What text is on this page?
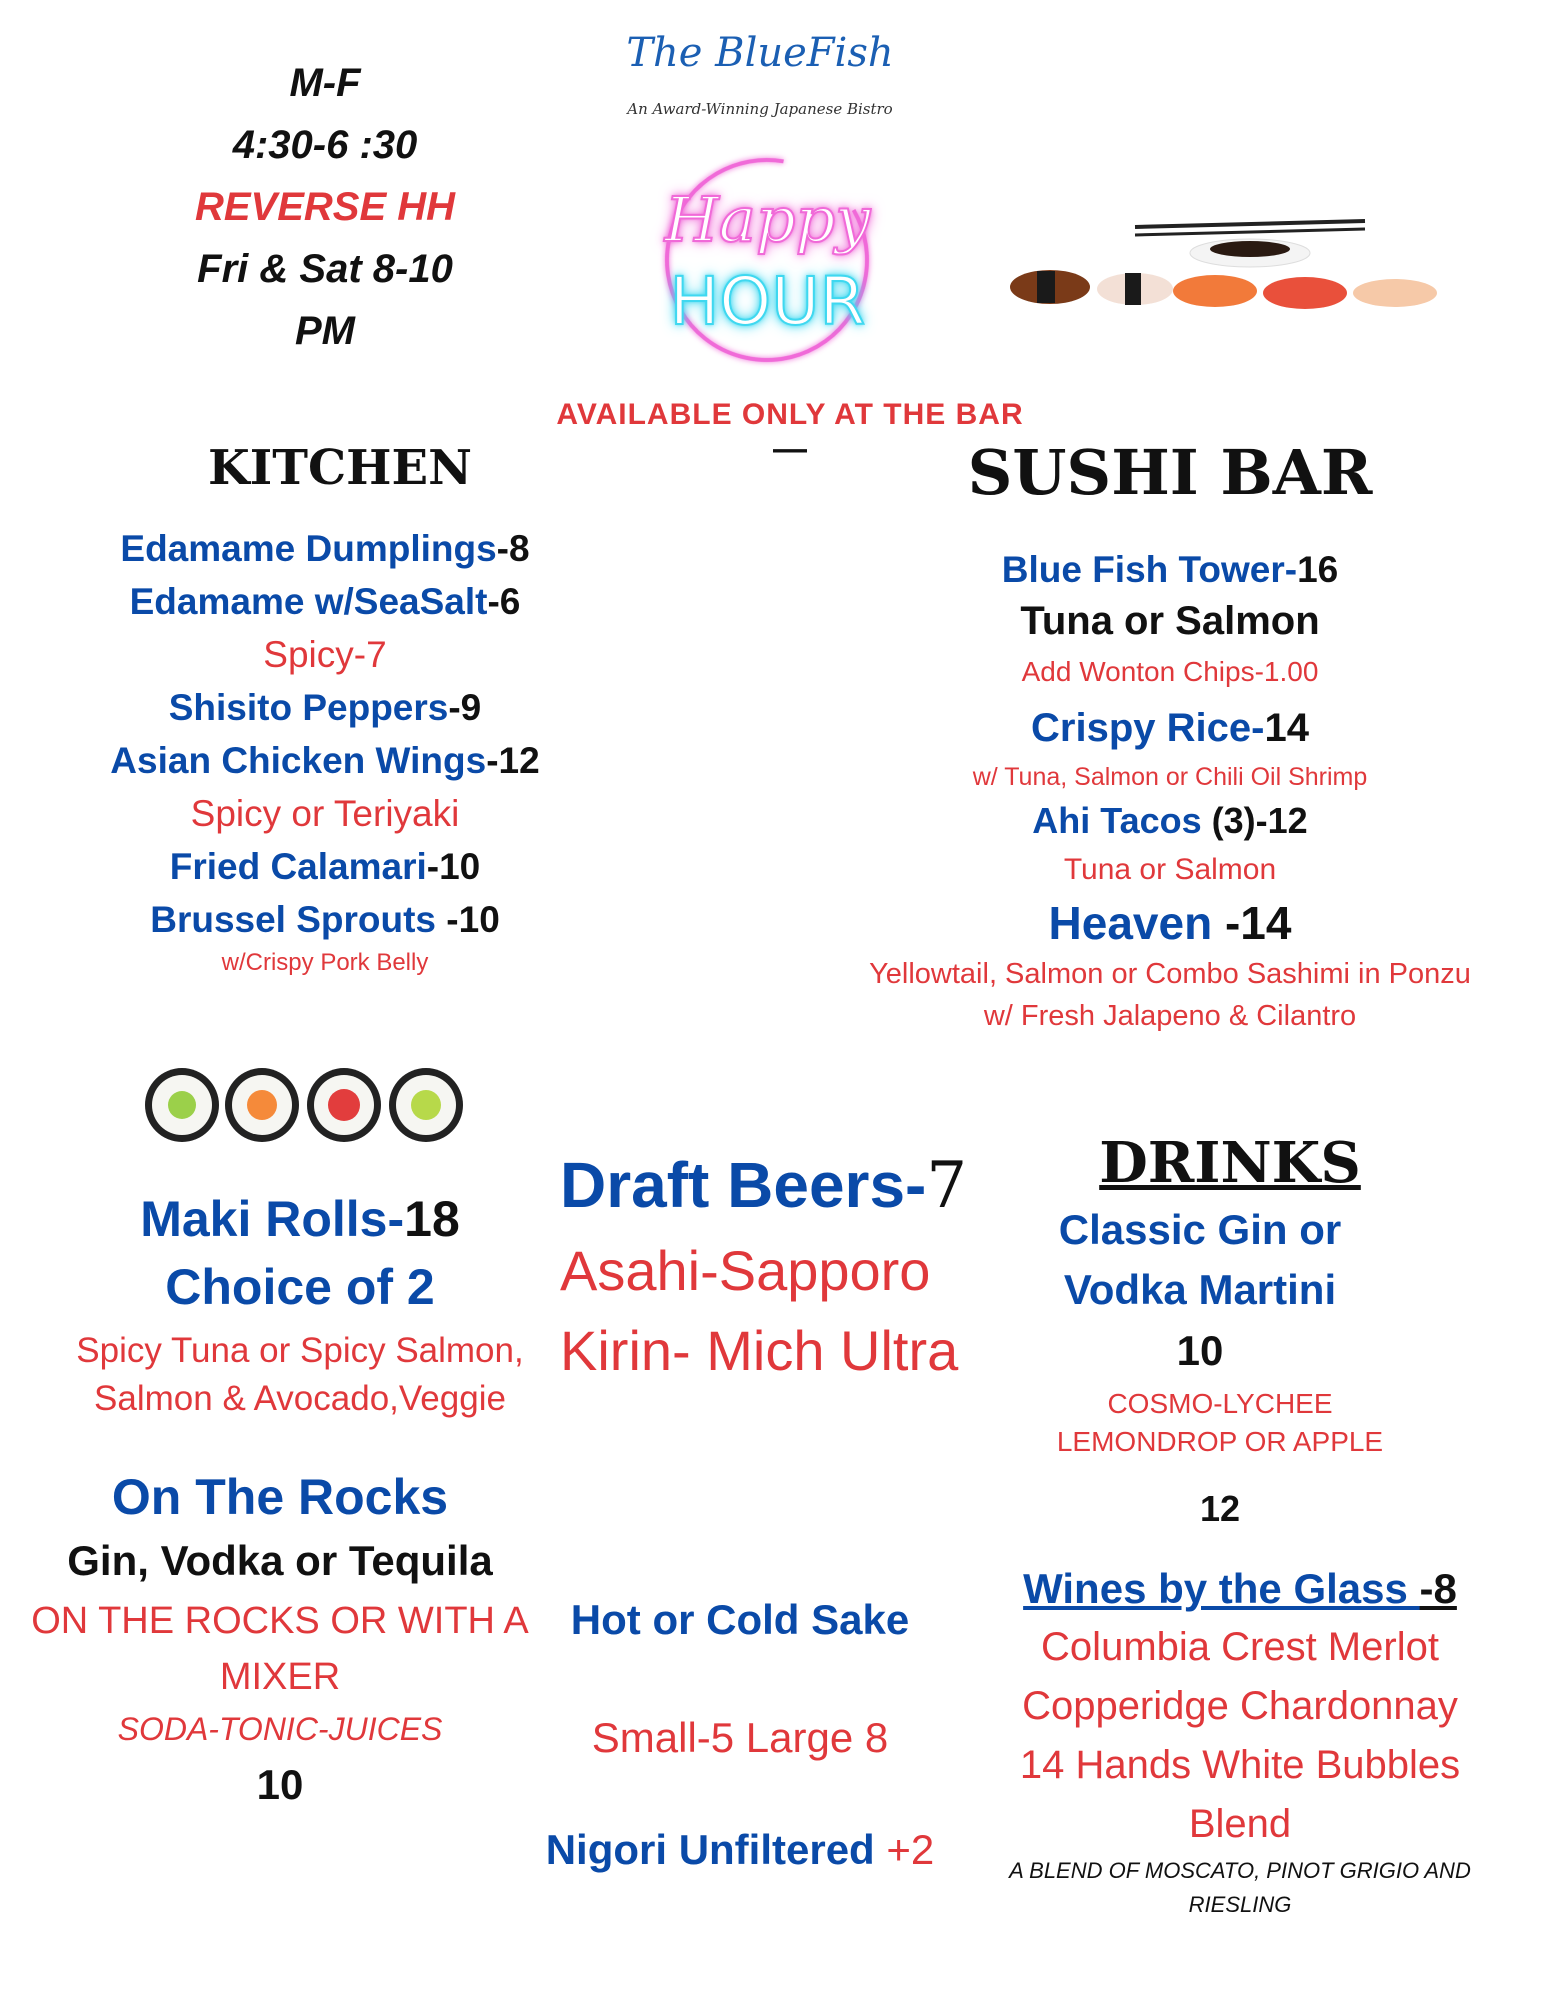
M-F
4:30-6 :30
REVERSE HH
Fri & Sat 8-10
PM
The BlueFish
An Award-Winning Japanese Bistro
Happy
HOUR
AVAILABLE ONLY AT THE BAR
—
KITCHEN
Edamame Dumplings-8
Edamame w/SeaSalt-6
Spicy-7
Shisito Peppers-9
Asian Chicken Wings-12
Spicy or Teriyaki
Fried Calamari-10
Brussel Sprouts -10
w/Crispy Pork Belly
SUSHI BAR
Blue Fish Tower-16
Tuna or Salmon
Add Wonton Chips-1.00
Crispy Rice-14
w/ Tuna, Salmon or Chili Oil Shrimp
Ahi Tacos (3)-12
Tuna or Salmon
Heaven -14
Yellowtail, Salmon or Combo Sashimi in Ponzu
w/ Fresh Jalapeno & Cilantro
Maki Rolls-18
Choice of 2
Spicy Tuna or Spicy Salmon,
Salmon & Avocado,Veggie
Draft Beers-7
Asahi-Sapporo
Kirin- Mich Ultra
DRINKS
Classic Gin or
Vodka Martini
10
COSMO-LYCHEE
LEMONDROP OR APPLE
12
On The Rocks
Gin, Vodka or Tequila
ON THE ROCKS OR WITH A
MIXER
SODA-TONIC-JUICES
10
Hot or Cold Sake
Small-5 Large 8
Nigori Unfiltered +2
Wines by the Glass -8
Columbia Crest Merlot
Copperidge Chardonnay
14 Hands White Bubbles
Blend
A BLEND OF MOSCATO, PINOT GRIGIO AND
RIESLING
